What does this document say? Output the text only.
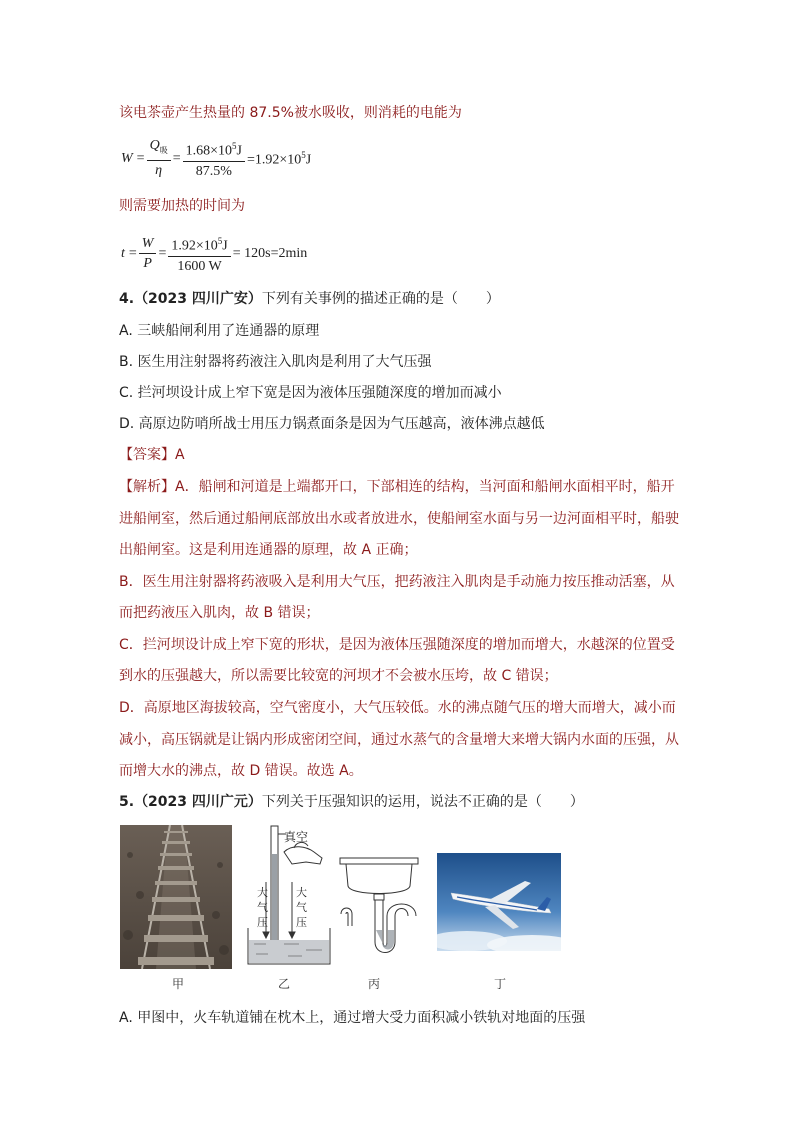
该电茶壶产生热量的 87.5%被水吸收，则消耗的电能为
$W = \frac{Q_吸}{\eta} = \frac{1.68\times 10^5J}{87.5\%} =1.92\times 10^5J$
则需要加热的时间为
$t = \frac{W}{P} = \frac{1.92\times 10^5J}{1600 W} = 120s=2\min$
4.（2023 四川广安）下列有关事例的描述正确的是（　　）
A. 三峡船闸利用了连通器的原理
B. 医生用注射器将药液注入肌肉是利用了大气压强
C. 拦河坝设计成上窄下宽是因为液体压强随深度的增加而减小
D. 高原边防哨所战士用压力锅煮面条是因为气压越高，液体沸点越低
【答案】A
【解析】A．船闸和河道是上端都开口，下部相连的结构，当河面和船闸水面相平时，船开
进船闸室，然后通过船闸底部放出水或者放进水，使船闸室水面与另一边河面相平时，船驶
出船闸室。这是利用连通器的原理，故 A 正确；
B．医生用注射器将药液吸入是利用大气压，把药液注入肌肉是手动施力按压推动活塞，从
而把药液压入肌肉，故 B 错误；
C．拦河坝设计成上窄下宽的形状，是因为液体压强随深度的增加而增大，水越深的位置受
到水的压强越大，所以需要比较宽的河坝才不会被水压垮，故 C 错误；
D．高原地区海拔较高，空气密度小，大气压较低。水的沸点随气压的增大而增大，减小而
减小，高压锅就是让锅内形成密闭空间，通过水蒸气的含量增大来增大锅内水面的压强，从
而增大水的沸点，故 D 错误。故选 A。
5.（2023 四川广元）下列关于压强知识的运用，说法不正确的是（　　）
真空
大
气
压
大
气
压
甲	乙	丙	丁
A. 甲图中，火车轨道铺在枕木上，通过增大受力面积减小铁轨对地面的压强
